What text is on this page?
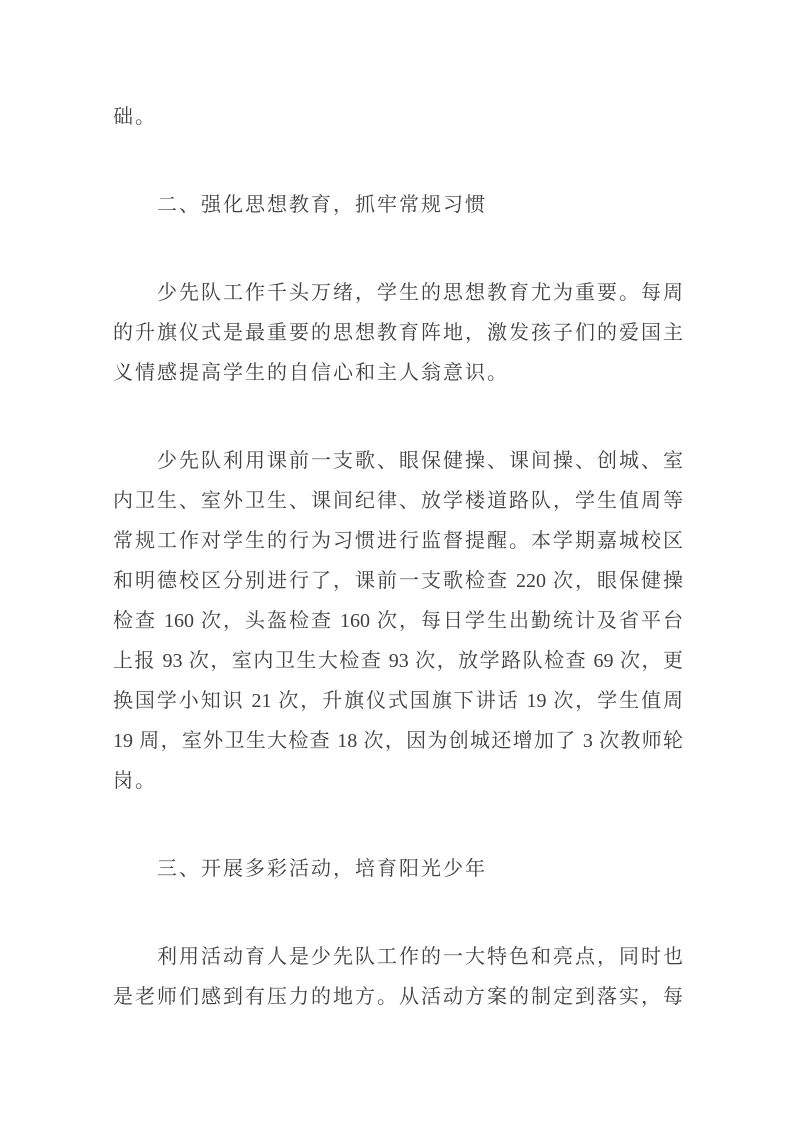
础。
二、强化思想教育，抓牢常规习惯
少先队工作千头万绪，学生的思想教育尤为重要。每周
的升旗仪式是最重要的思想教育阵地，激发孩子们的爱国主
义情感提高学生的自信心和主人翁意识。
少先队利用课前一支歌、眼保健操、课间操、创城、室
内卫生、室外卫生、课间纪律、放学楼道路队，学生值周等
常规工作对学生的行为习惯进行监督提醒。本学期嘉城校区
和明德校区分别进行了，课前一支歌检查 220 次，眼保健操
检查 160 次，头盔检查 160 次，每日学生出勤统计及省平台
上报 93 次，室内卫生大检查 93 次，放学路队检查 69 次，更
换国学小知识 21 次，升旗仪式国旗下讲话 19 次，学生值周
19 周，室外卫生大检查 18 次，因为创城还增加了 3 次教师轮
岗。
三、开展多彩活动，培育阳光少年
利用活动育人是少先队工作的一大特色和亮点，同时也
是老师们感到有压力的地方。从活动方案的制定到落实，每
